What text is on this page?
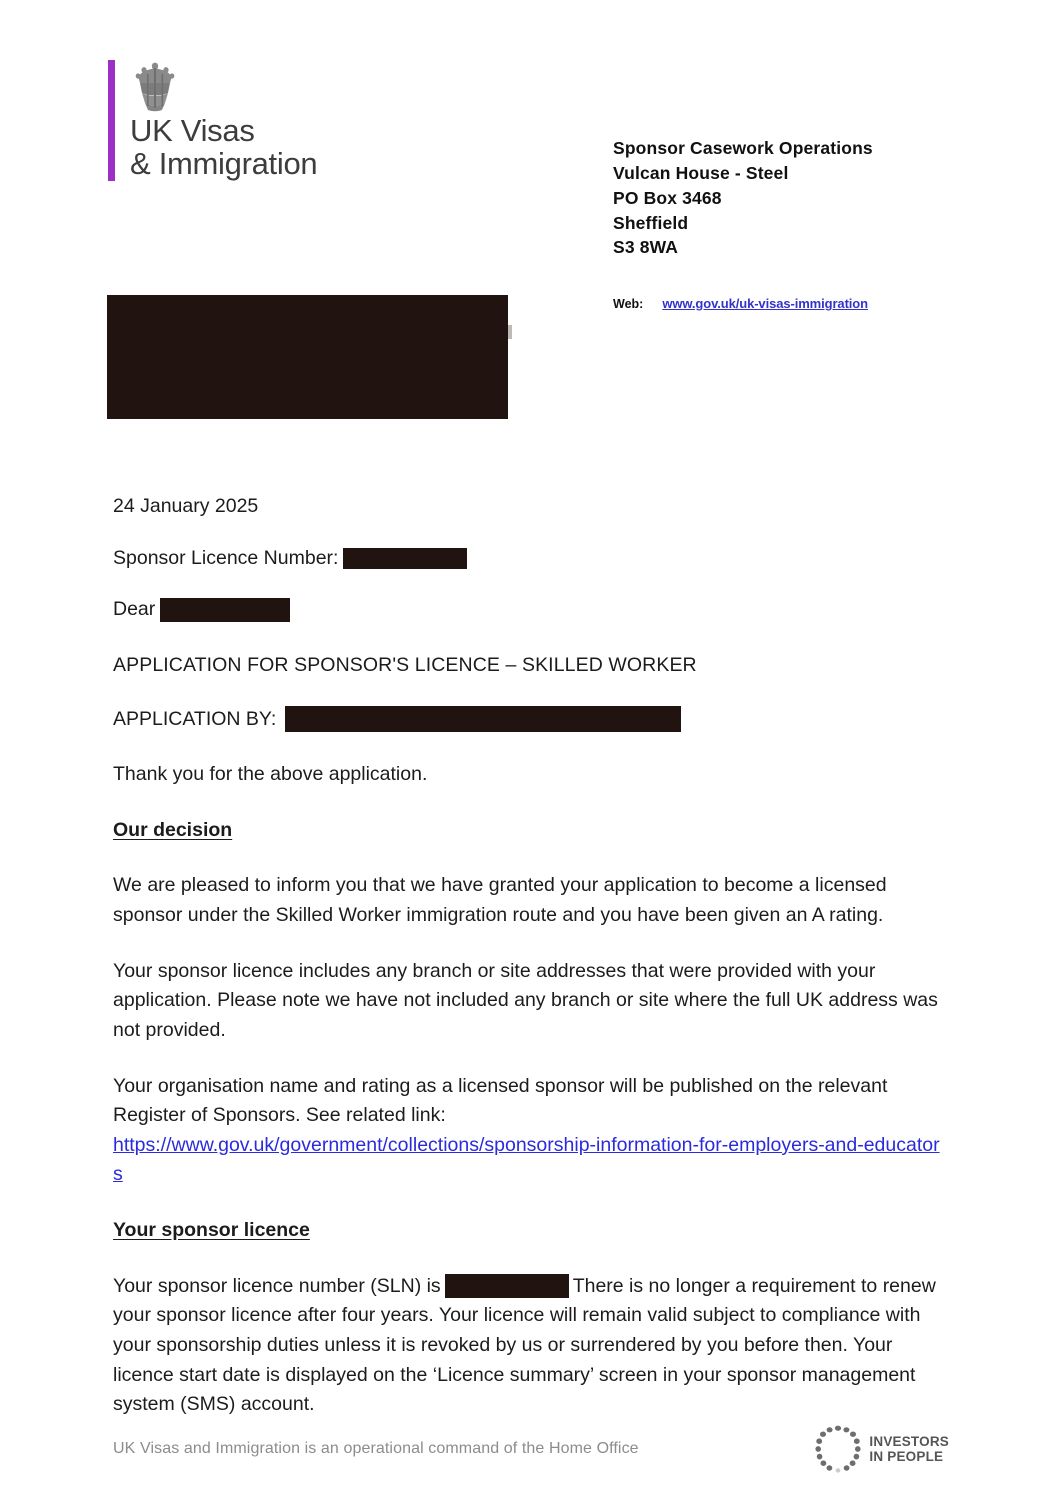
UK Visas
& Immigration	Sponsor Casework Operations
Vulcan House - Steel
PO Box 3468
Sheffield
S3 8WA
Web: www.gov.uk/uk-visas-immigration

24 January 2025

Sponsor Licence Number:

Dear

APPLICATION FOR SPONSOR'S LICENCE – SKILLED WORKER

APPLICATION BY:

Thank you for the above application.

Our decision

We are pleased to inform you that we have granted your application to become a licensed sponsor under the Skilled Worker immigration route and you have been given an A rating.

Your sponsor licence includes any branch or site addresses that were provided with your application. Please note we have not included any branch or site where the full UK address was not provided.

Your organisation name and rating as a licensed sponsor will be published on the relevant Register of Sponsors. See related link:
https://www.gov.uk/government/collections/sponsorship-information-for-employers-and-educators

Your sponsor licence

Your sponsor licence number (SLN) is	There is no longer a requirement to renew your sponsor licence after four years. Your licence will remain valid subject to compliance with your sponsorship duties unless it is revoked by us or surrendered by you before then. Your licence start date is displayed on the ‘Licence summary’ screen in your sponsor management system (SMS) account.

UK Visas and Immigration is an operational command of the Home Office	INVESTORS
IN PEOPLE
